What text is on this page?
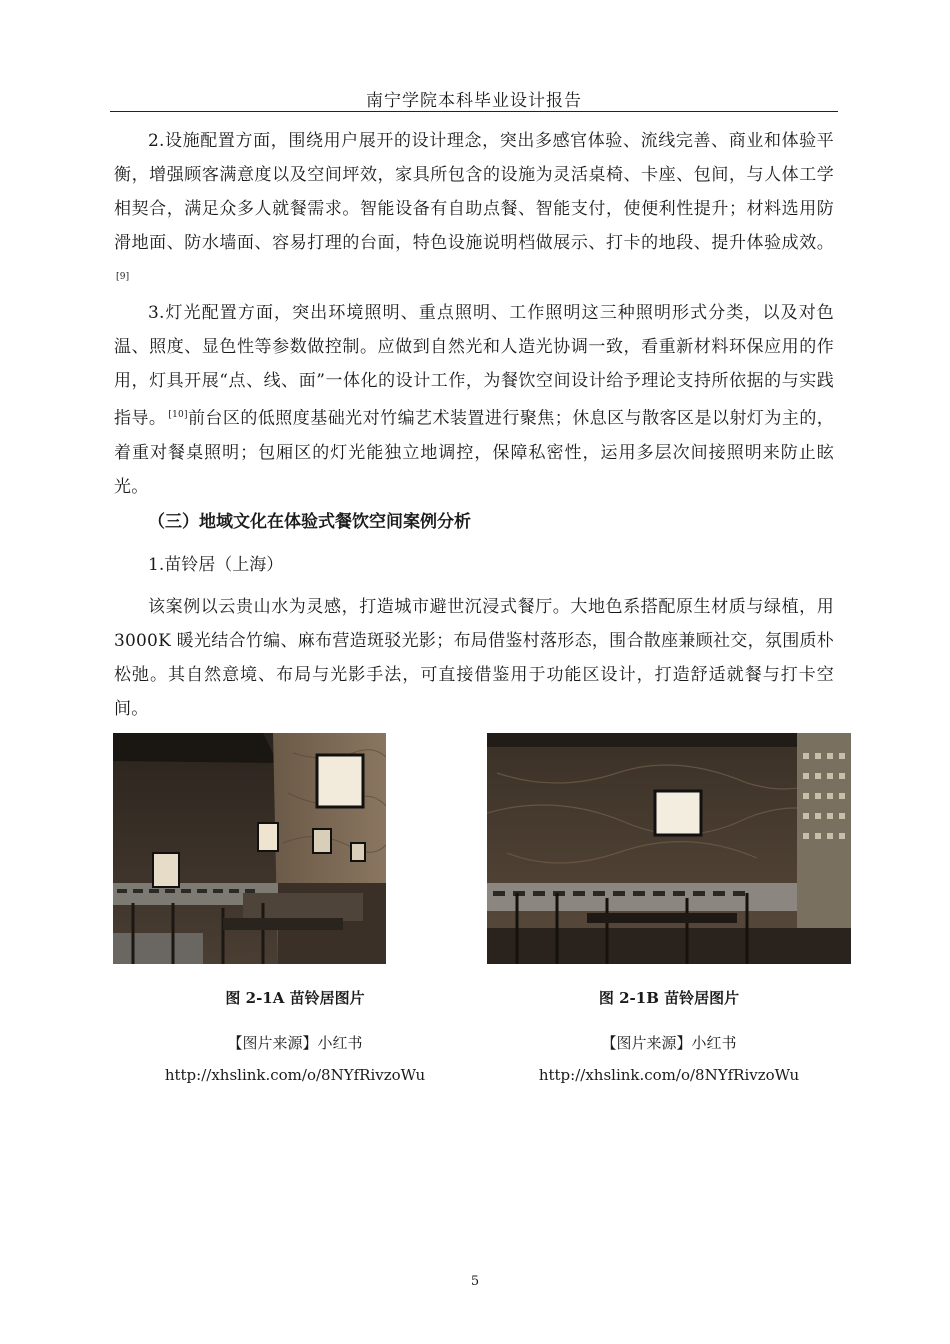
南宁学院本科毕业设计报告

2.设施配置方面，围绕用户展开的设计理念，突出多感官体验、流线完善、商业和体验平衡，增强顾客满意度以及空间坪效，家具所包含的设施为灵活桌椅、卡座、包间，与人体工学相契合，满足众多人就餐需求。智能设备有自助点餐、智能支付，使便利性提升；材料选用防滑地面、防水墙面、容易打理的台面，特色设施说明档做展示、打卡的地段、提升体验成效。[9]

3.灯光配置方面，突出环境照明、重点照明、工作照明这三种照明形式分类，以及对色温、照度、显色性等参数做控制。应做到自然光和人造光协调一致，看重新材料环保应用的作用，灯具开展“点、线、面”一体化的设计工作，为餐饮空间设计给予理论支持所依据的与实践指导。 [10]前台区的低照度基础光对竹编艺术装置进行聚焦；休息区与散客区是以射灯为主的，着重对餐桌照明；包厢区的灯光能独立地调控，保障私密性，运用多层次间接照明来防止眩光。

（三）地域文化在体验式餐饮空间案例分析
1.苗铃居（上海）

该案例以云贵山水为灵感，打造城市避世沉浸式餐厅。大地色系搭配原生材质与绿植，用 3000K 暖光结合竹编、麻布营造斑驳光影；布局借鉴村落形态，围合散座兼顾社交，氛围质朴松弛。其自然意境、布局与光影手法，可直接借鉴用于功能区设计，打造舒适就餐与打卡空间。

图 2-1A 苗铃居图片
【图片来源】小红书
http://xhslink.com/o/8NYfRivzoWu
图 2-1B 苗铃居图片
【图片来源】小红书
http://xhslink.com/o/8NYfRivzoWu
5
